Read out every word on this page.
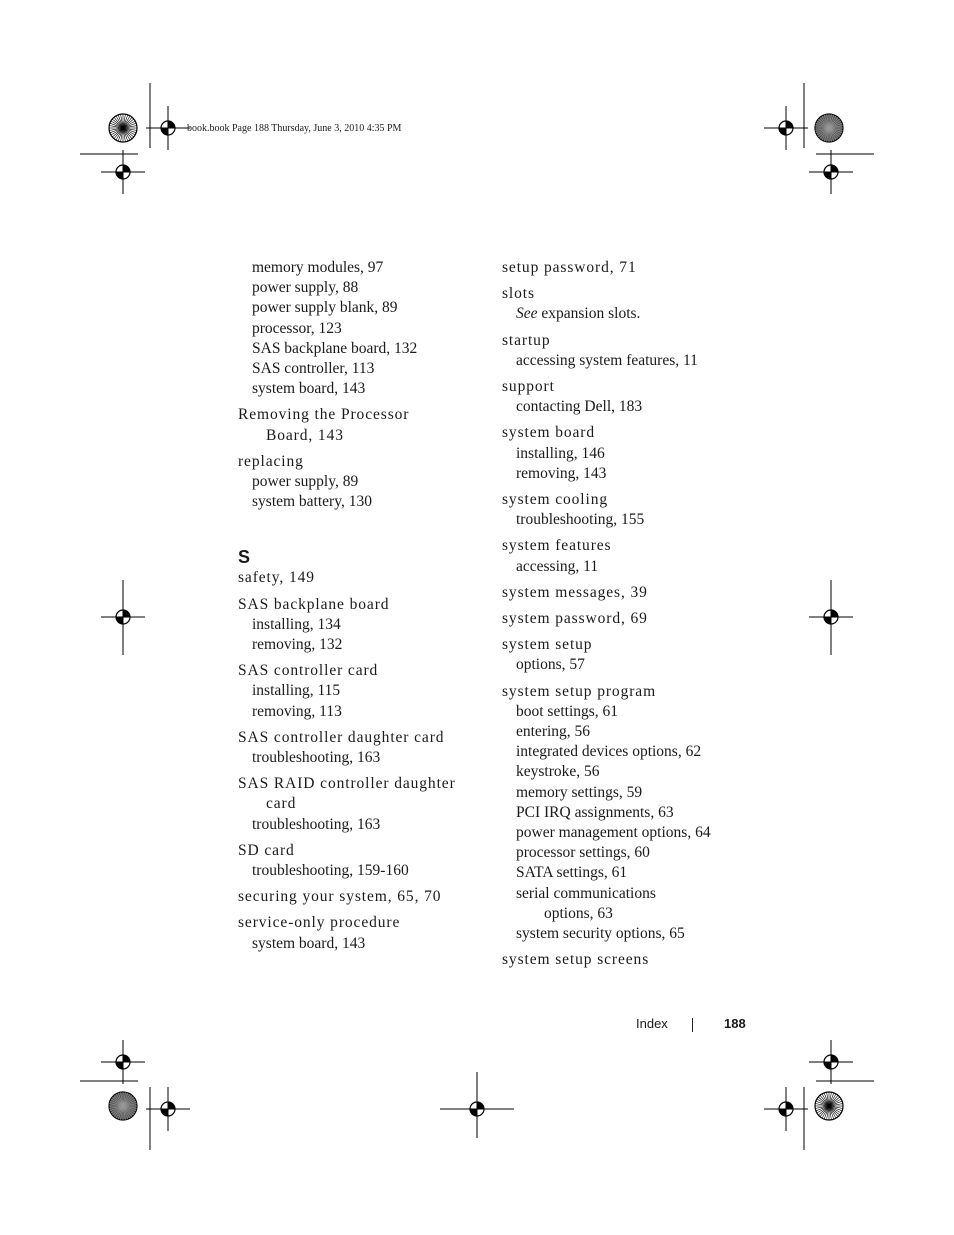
book.book Page 188 Thursday, June 3, 2010 4:35 PM
memory modules, 97
power supply, 88
power supply blank, 89
processor, 123
SAS backplane board, 132
SAS controller, 113
system board, 143
Removing the Processor
Board, 143
replacing
power supply, 89
system battery, 130
S
safety, 149
SAS backplane board
installing, 134
removing, 132
SAS controller card
installing, 115
removing, 113
SAS controller daughter card
troubleshooting, 163
SAS RAID controller daughter
card
troubleshooting, 163
SD card
troubleshooting, 159-160
securing your system, 65, 70
service-only procedure
system board, 143
setup password, 71
slots
See expansion slots.
startup
accessing system features, 11
support
contacting Dell, 183
system board
installing, 146
removing, 143
system cooling
troubleshooting, 155
system features
accessing, 11
system messages, 39
system password, 69
system setup
options, 57
system setup program
boot settings, 61
entering, 56
integrated devices options, 62
keystroke, 56
memory settings, 59
PCI IRQ assignments, 63
power management options, 64
processor settings, 60
SATA settings, 61
serial communications
options, 63
system security options, 65
system setup screens
Index	188
